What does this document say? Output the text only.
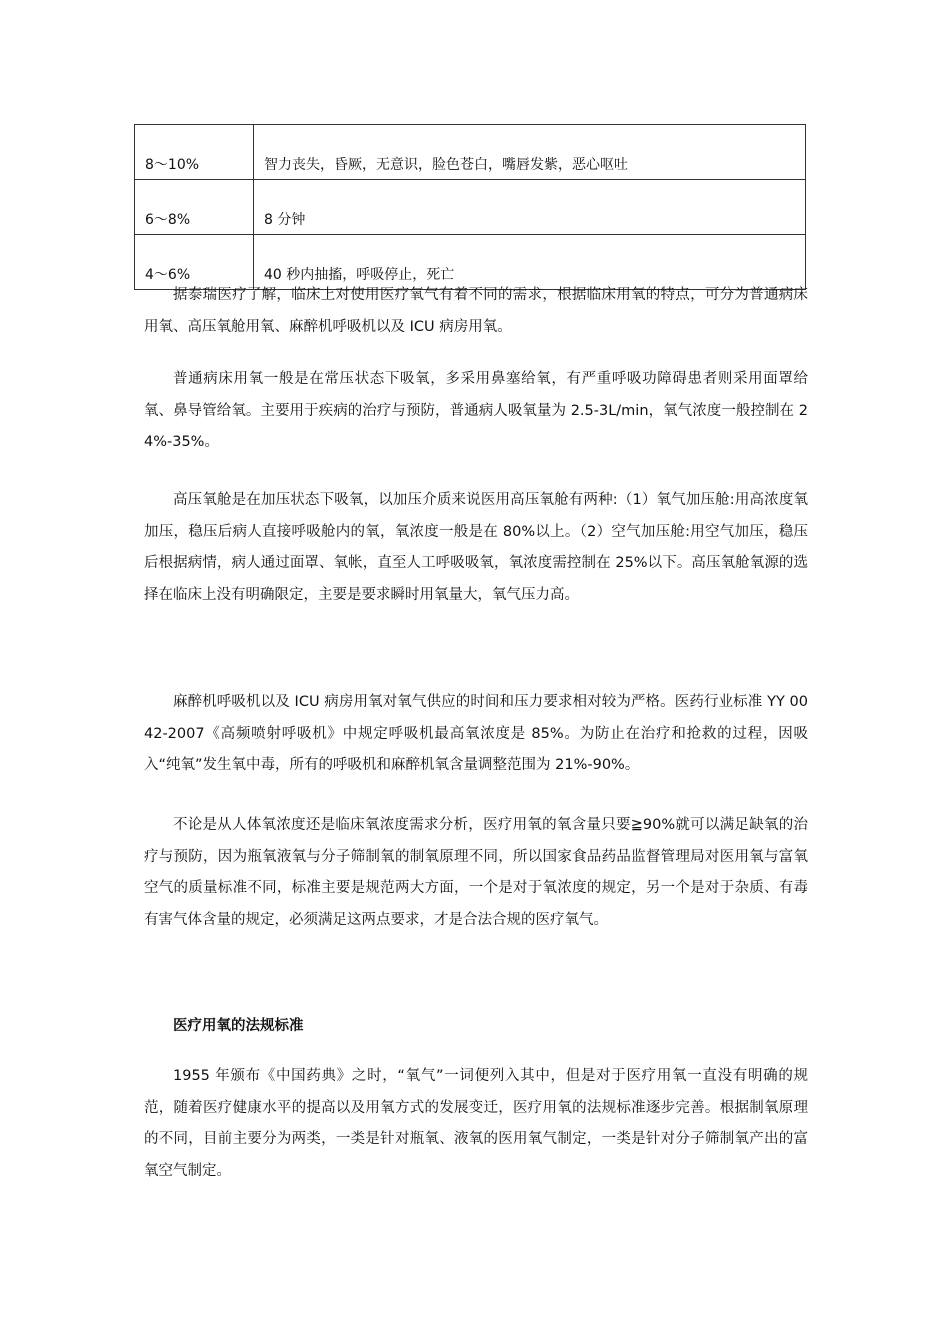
8～10%	智力丧失，昏厥，无意识，脸色苍白，嘴唇发紫，恶心呕吐
6～8%	8 分钟
4～6%	40 秒内抽搐，呼吸停止，死亡

据泰瑞医疗了解，临床上对使用医疗氧气有着不同的需求，根据临床用氧的特点，可分为普通病床用氧、高压氧舱用氧、麻醉机呼吸机以及 ICU 病房用氧。

普通病床用氧一般是在常压状态下吸氧，多采用鼻塞给氧，有严重呼吸功障碍患者则采用面罩给氧、鼻导管给氧。主要用于疾病的治疗与预防，普通病人吸氧量为 2.5-3L/min，氧气浓度一般控制在 24%-35%。

高压氧舱是在加压状态下吸氧，以加压介质来说医用高压氧舱有两种:（1）氧气加压舱:用高浓度氧加压，稳压后病人直接呼吸舱内的氧，氧浓度一般是在 80%以上。（2）空气加压舱:用空气加压，稳压后根据病情，病人通过面罩、氧帐，直至人工呼吸吸氧，氧浓度需控制在 25%以下。高压氧舱氧源的选择在临床上没有明确限定，主要是要求瞬时用氧量大，氧气压力高。

麻醉机呼吸机以及 ICU 病房用氧对氧气供应的时间和压力要求相对较为严格。医药行业标准 YY 0042-2007《高频喷射呼吸机》中规定呼吸机最高氧浓度是 85%。为防止在治疗和抢救的过程，因吸入“纯氧”发生氧中毒，所有的呼吸机和麻醉机氧含量调整范围为 21%-90%。

不论是从人体氧浓度还是临床氧浓度需求分析，医疗用氧的氧含量只要≧90%就可以满足缺氧的治疗与预防，因为瓶氧液氧与分子筛制氧的制氧原理不同，所以国家食品药品监督管理局对医用氧与富氧空气的质量标准不同，标准主要是规范两大方面，一个是对于氧浓度的规定，另一个是对于杂质、有毒有害气体含量的规定，必须满足这两点要求，才是合法合规的医疗氧气。

医疗用氧的法规标准

1955 年颁布《中国药典》之时，“氧气”一词便列入其中，但是对于医疗用氧一直没有明确的规范，随着医疗健康水平的提高以及用氧方式的发展变迁，医疗用氧的法规标准逐步完善。根据制氧原理的不同，目前主要分为两类，一类是针对瓶氧、液氧的医用氧气制定，一类是针对分子筛制氧产出的富氧空气制定。
